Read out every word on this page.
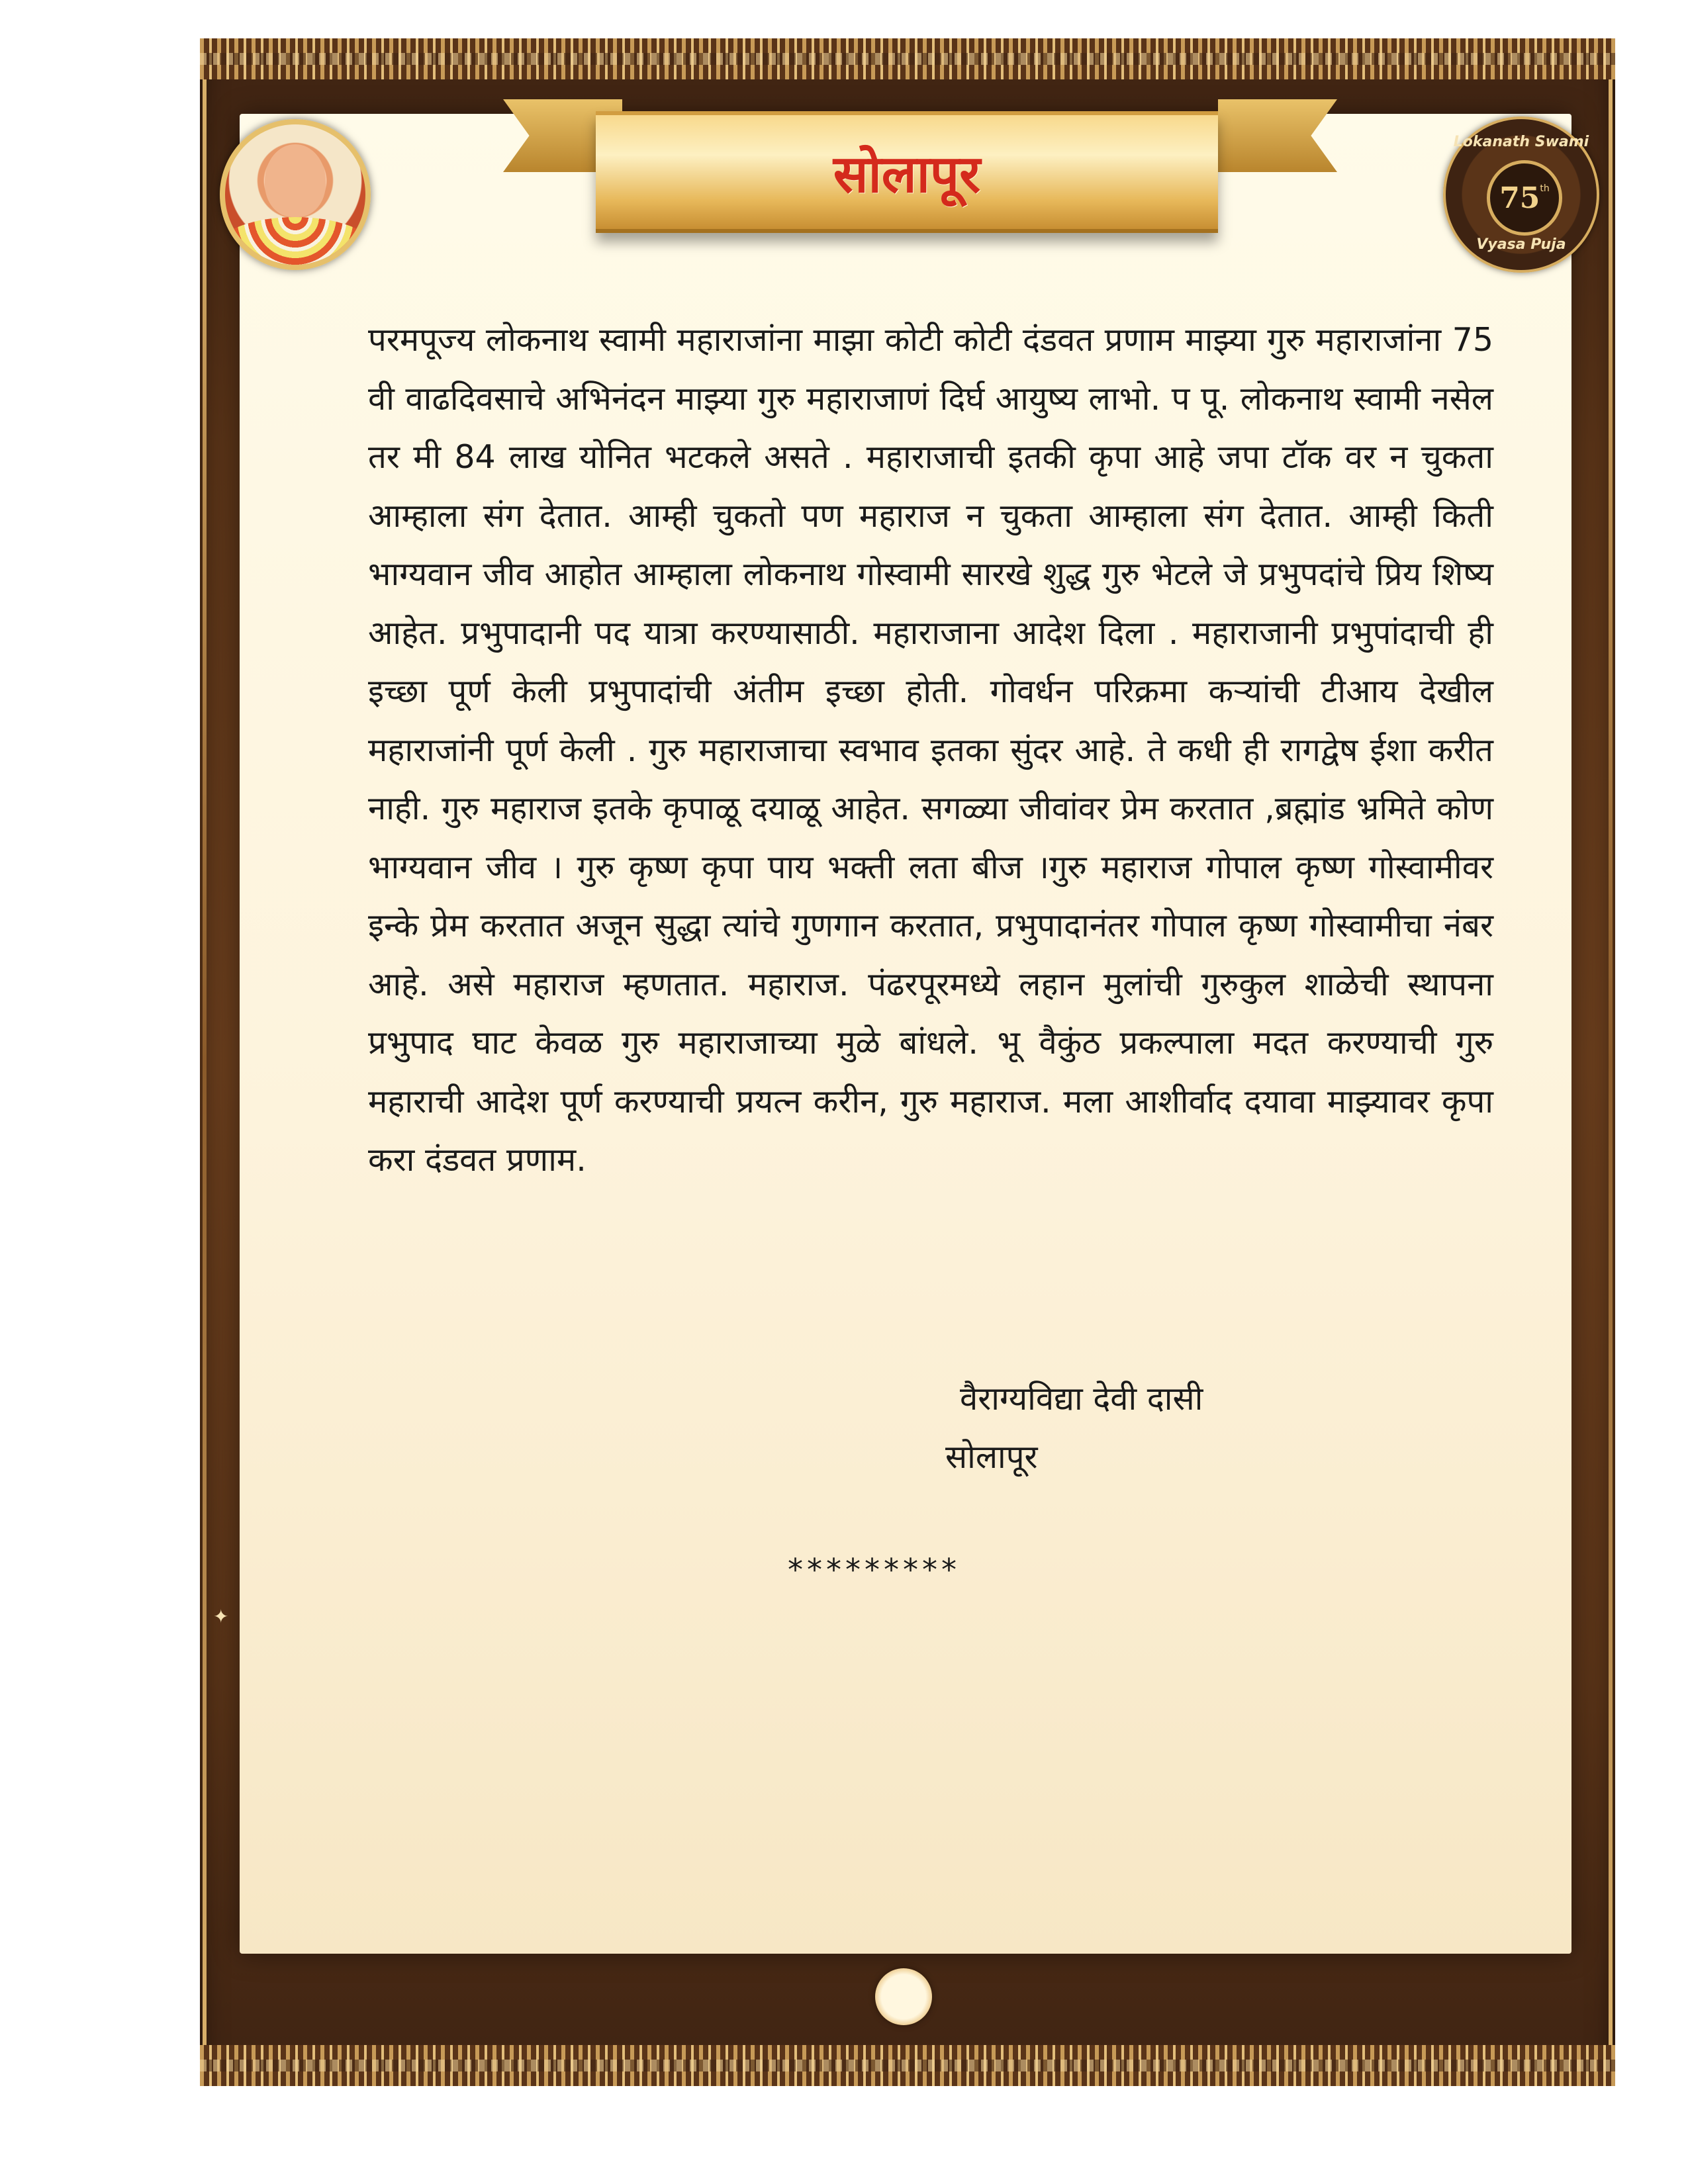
सोलापूर
Lokanath Swami
75 th
Vyasa Puja

परमपूज्य लोकनाथ स्वामी महाराजांना माझा कोटी कोटी दंडवत प्रणाम माझ्या गुरु महाराजांना 75 वी वाढदिवसाचे अभिनंदन माझ्या गुरु महाराजाणं दिर्घ आयुष्य लाभो. प पू. लोकनाथ स्वामी नसेल तर मी 84 लाख योनित भटकले असते . महाराजाची इतकी कृपा आहे जपा टॉक वर न चुकता आम्हाला संग देतात. आम्ही चुकतो पण महाराज न चुकता आम्हाला संग देतात. आम्ही किती भाग्यवान जीव आहोत आम्हाला लोकनाथ गोस्वामी सारखे शुद्ध गुरु भेटले जे प्रभुपदांचे प्रिय शिष्य आहेत. प्रभुपादानी पद यात्रा करण्यासाठी. महाराजाना आदेश दिला . महाराजानी प्रभुपांदाची ही इच्छा पूर्ण केली प्रभुपादांची अंतीम इच्छा होती. गोवर्धन परिक्रमा कऱ्यांची टीआय देखील महाराजांनी पूर्ण केली . गुरु महाराजाचा स्वभाव इतका सुंदर आहे. ते कधी ही रागद्वेष ईशा करीत नाही. गुरु महाराज इतके कृपाळू दयाळू आहेत. सगळ्या जीवांवर प्रेम करतात ,ब्रह्मांड भ्रमिते कोण भाग्यवान जीव । गुरु कृष्ण कृपा पाय भक्ती लता बीज ।गुरु महाराज गोपाल कृष्ण गोस्वामीवर इन्के प्रेम करतात अजून सुद्धा त्यांचे गुणगान करतात, प्रभुपादानंतर गोपाल कृष्ण गोस्वामीचा नंबर आहे. असे महाराज म्हणतात. महाराज. पंढरपूरमध्ये लहान मुलांची गुरुकुल शाळेची स्थापना प्रभुपाद घाट केवळ गुरु महाराजाच्या मुळे बांधले. भू वैकुंठ प्रकल्पाला मदत करण्याची गुरु महाराची आदेश पूर्ण करण्याची प्रयत्न करीन, गुरु महाराज. मला आशीर्वाद दयावा माझ्यावर कृपा करा दंडवत प्रणाम.

वैराग्यविद्या देवी दासी
सोलापूर
*********
✦
